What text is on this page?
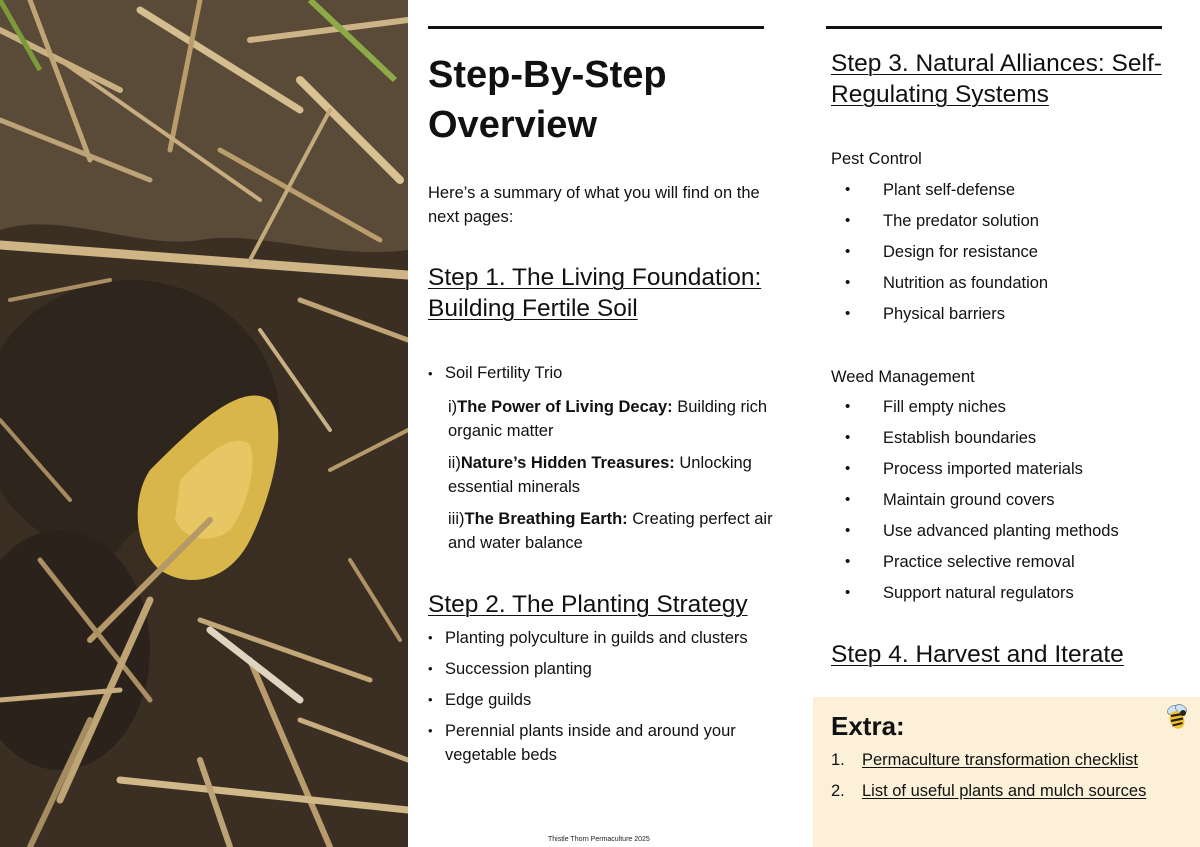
Step-By-Step Overview

Here’s a summary of what you will find on the next pages:

Step 1. The Living Foundation: Building Fertile Soil
• Soil Fertility Trio
i)The Power of Living Decay: Building rich organic matter
ii)Nature’s Hidden Treasures: Unlocking essential minerals
iii)The Breathing Earth: Creating perfect air and water balance
Step 2. The Planting Strategy
• Planting polyculture in guilds and clusters
• Succession planting
• Edge guilds
• Perennial plants inside and around your vegetable beds
Thistle Thorn Permaculture 2025
Step 3. Natural Alliances: Self-Regulating Systems

Pest Control

• Plant self-defense
• The predator solution
• Design for resistance
• Nutrition as foundation
• Physical barriers

Weed Management

• Fill empty niches
• Establish boundaries
• Process imported materials
• Maintain ground covers
• Use advanced planting methods
• Practice selective removal
• Support natural regulators
Step 4. Harvest and Iterate
Extra:
1. Permaculture transformation checklist
2. List of useful plants and mulch sources
